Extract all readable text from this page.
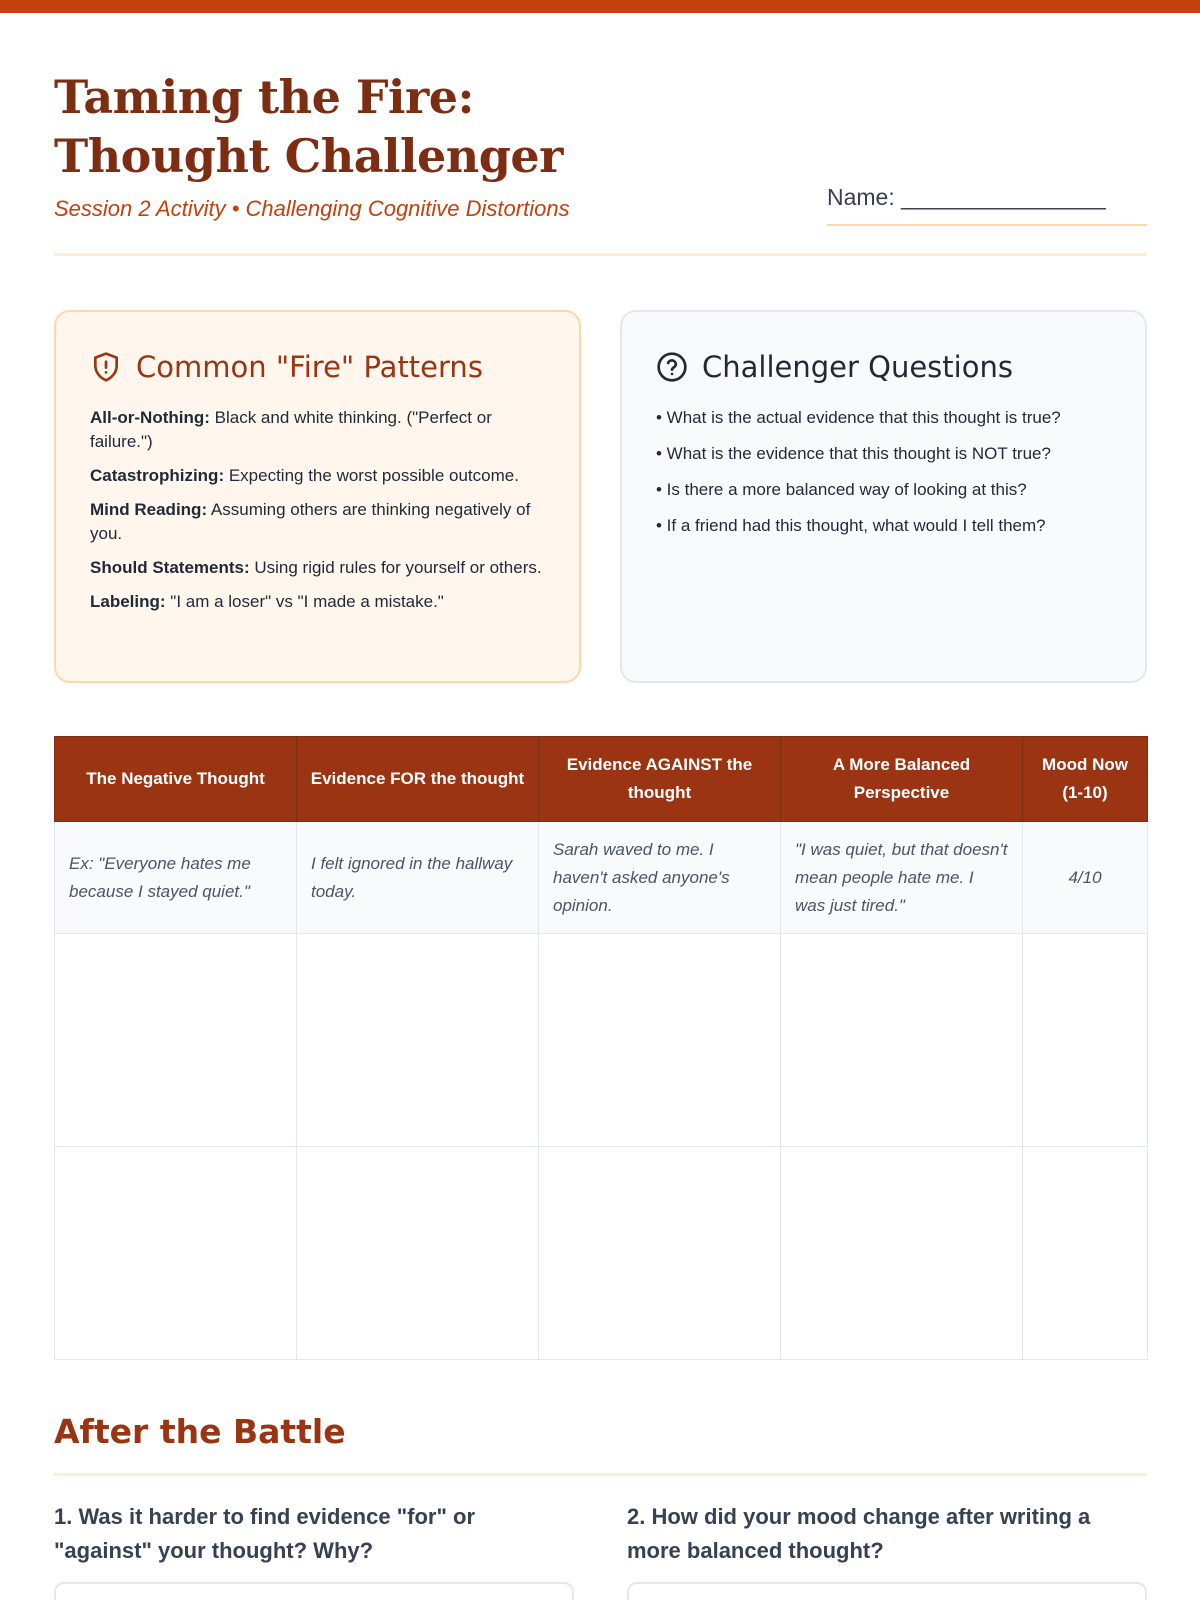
Taming the Fire: Thought Challenger
Session 2 Activity • Challenging Cognitive Distortions	Name: ________________
Common "Fire" Patterns
All-or-Nothing: Black and white thinking. ("Perfect or failure.")
Catastrophizing: Expecting the worst possible outcome.
Mind Reading: Assuming others are thinking negatively of you.
Should Statements: Using rigid rules for yourself or others.
Labeling: "I am a loser" vs "I made a mistake."
Challenger Questions
• What is the actual evidence that this thought is true?
• What is the evidence that this thought is NOT true?
• Is there a more balanced way of looking at this?
• If a friend had this thought, what would I tell them?
The Negative Thought	Evidence FOR the thought	Evidence AGAINST the thought	A More Balanced Perspective	Mood Now (1-10)
Ex: "Everyone hates me because I stayed quiet."	I felt ignored in the hallway today.	Sarah waved to me. I haven't asked anyone's opinion.	"I was quiet, but that doesn't mean people hate me. I was just tired."	4/10

After the Battle
1. Was it harder to find evidence "for" or "against" your thought? Why?
2. How did your mood change after writing a more balanced thought?
